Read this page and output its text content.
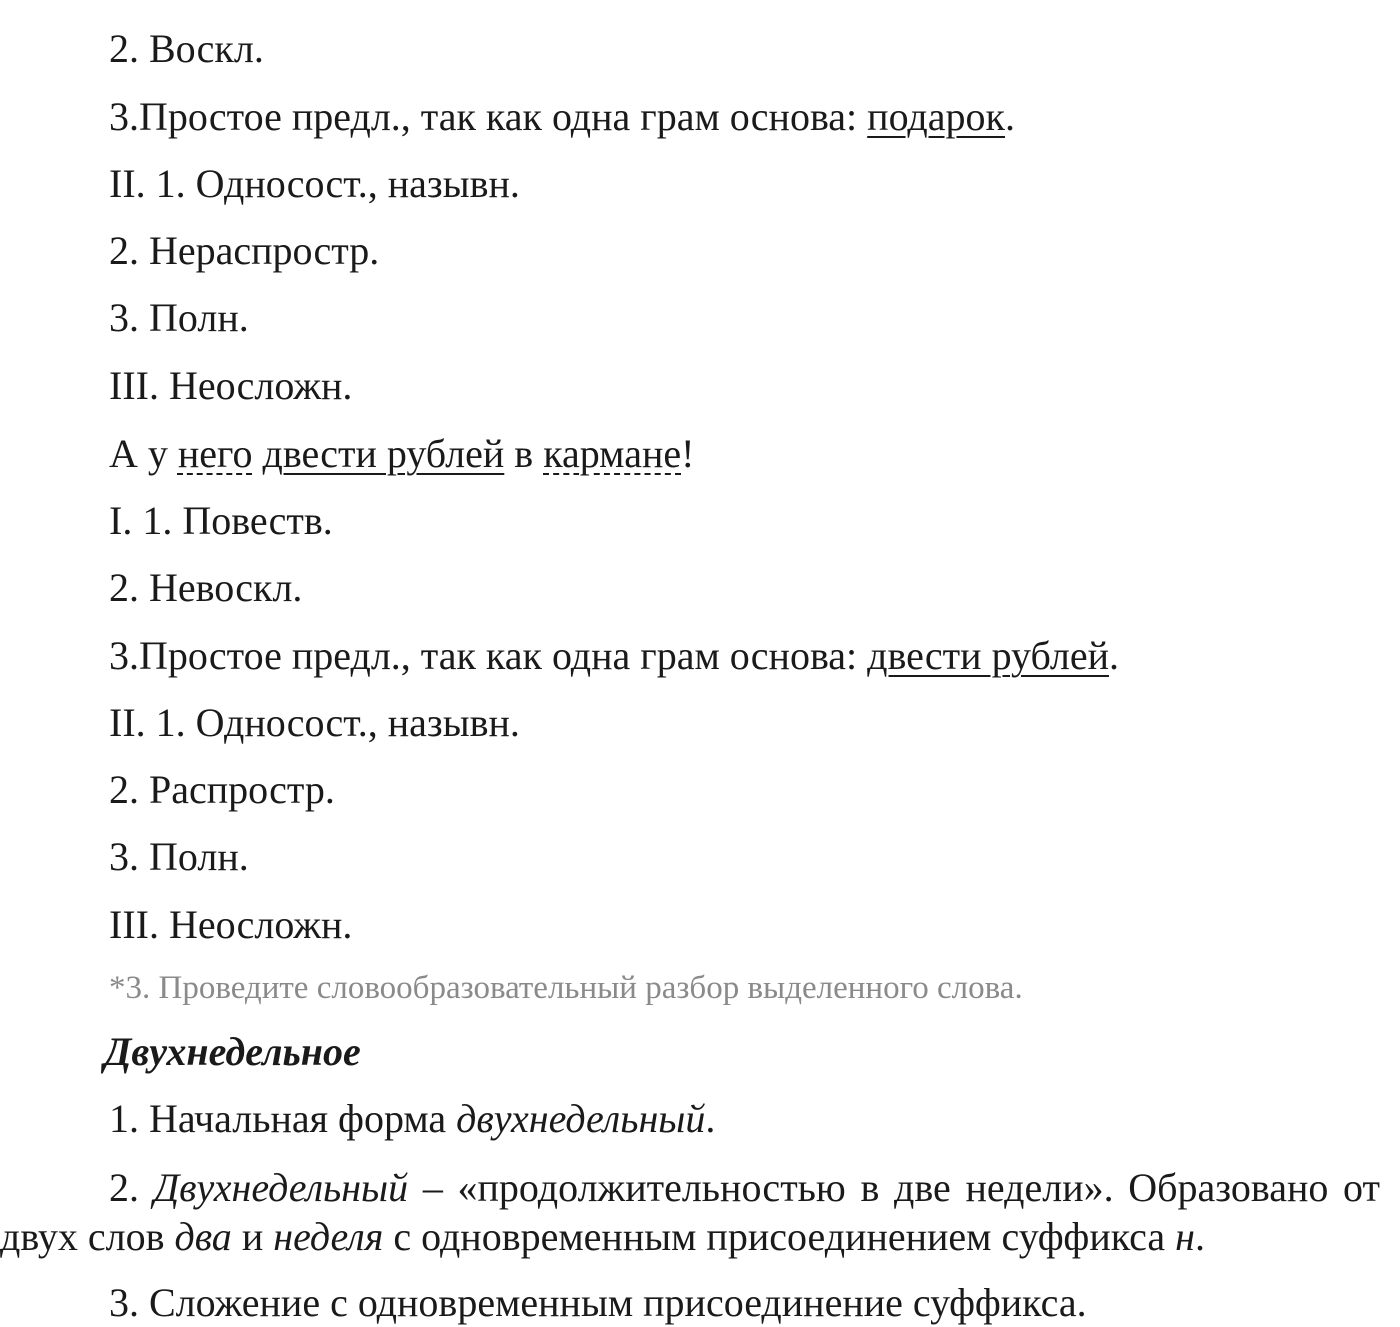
2. Воскл.
3.Простое предл., так как одна грам основа: подарок.
II. 1. Односост., назывн.
2. Нераспростр.
3. Полн.
III. Неосложн.
А у него двести рублей в кармане!
I. 1. Повеств.
2. Невоскл.
3.Простое предл., так как одна грам основа: двести рублей.
II. 1. Односост., назывн.
2. Распростр.
3. Полн.
III. Неосложн.
*3. Проведите словообразовательный разбор выделенного слова.
Двухнедельное
1. Начальная форма двухнедельный.
2. Двухнедельный – «продолжительностью в две недели». Образовано от двух слов два и неделя с одновременным присоединением суффикса н.
3. Сложение с одновременным присоединение суффикса.
